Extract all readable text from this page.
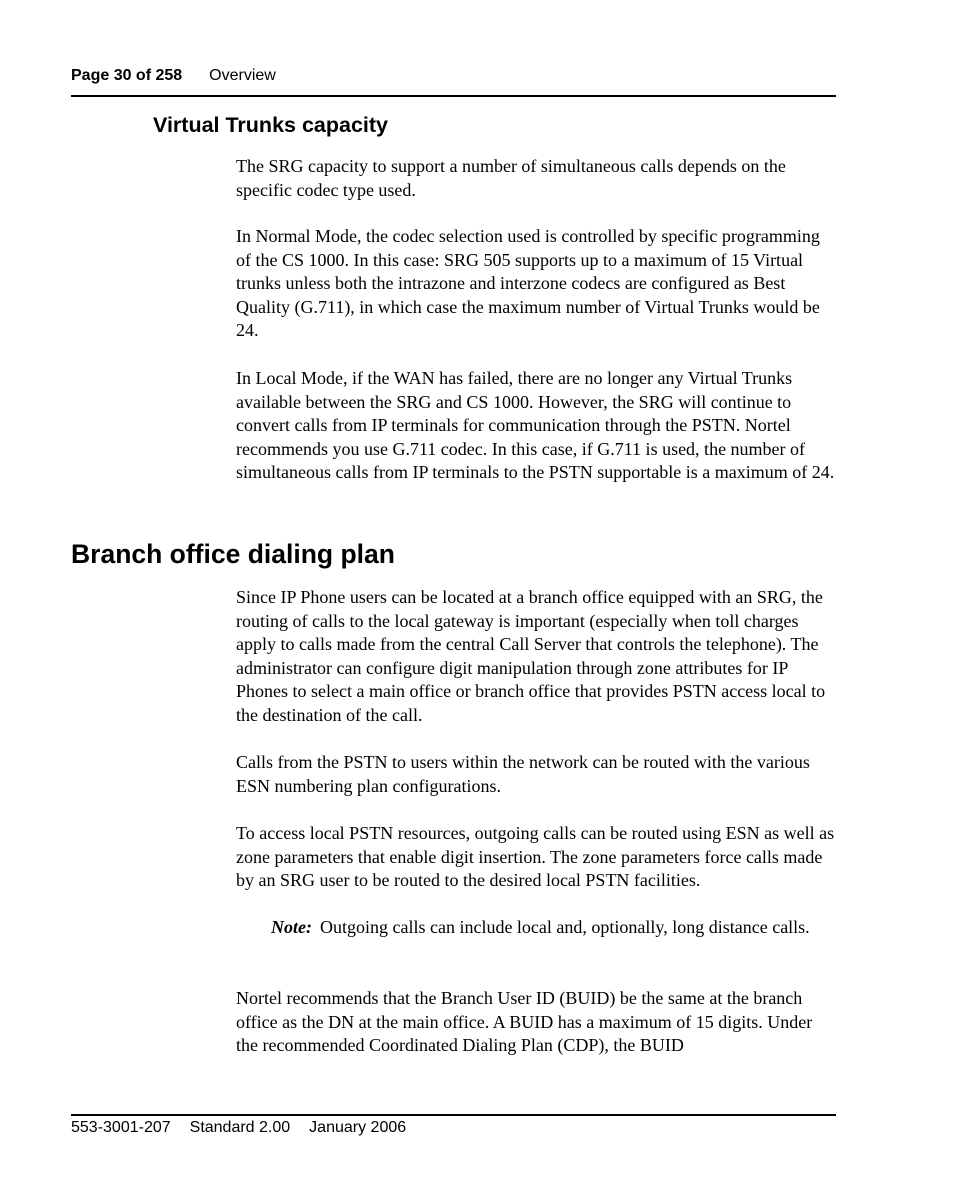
Page 30 of 258 Overview
Virtual Trunks capacity

The SRG capacity to support a number of simultaneous calls depends on the specific codec type used.

In Normal Mode, the codec selection used is controlled by specific programming of the CS 1000. In this case: SRG 505 supports up to a maximum of 15 Virtual trunks unless both the intrazone and interzone codecs are configured as Best Quality (G.711), in which case the maximum number of Virtual Trunks would be 24.

In Local Mode, if the WAN has failed, there are no longer any Virtual Trunks available between the SRG and CS 1000. However, the SRG will continue to convert calls from IP terminals for communication through the PSTN. Nortel recommends you use G.711 codec. In this case, if G.711 is used, the number of simultaneous calls from IP terminals to the PSTN supportable is a maximum of 24.

Branch office dialing plan

Since IP Phone users can be located at a branch office equipped with an SRG, the routing of calls to the local gateway is important (especially when toll charges apply to calls made from the central Call Server that controls the telephone). The administrator can configure digit manipulation through zone attributes for IP Phones to select a main office or branch office that provides PSTN access local to the destination of the call.

Calls from the PSTN to users within the network can be routed with the various ESN numbering plan configurations.

To access local PSTN resources, outgoing calls can be routed using ESN as well as zone parameters that enable digit insertion. The zone parameters force calls made by an SRG user to be routed to the desired local PSTN facilities.

Note: Outgoing calls can include local and, optionally, long distance calls.

Nortel recommends that the Branch User ID (BUID) be the same at the branch office as the DN at the main office. A BUID has a maximum of 15 digits. Under the recommended Coordinated Dialing Plan (CDP), the BUID

553-3001-207 Standard 2.00 January 2006
